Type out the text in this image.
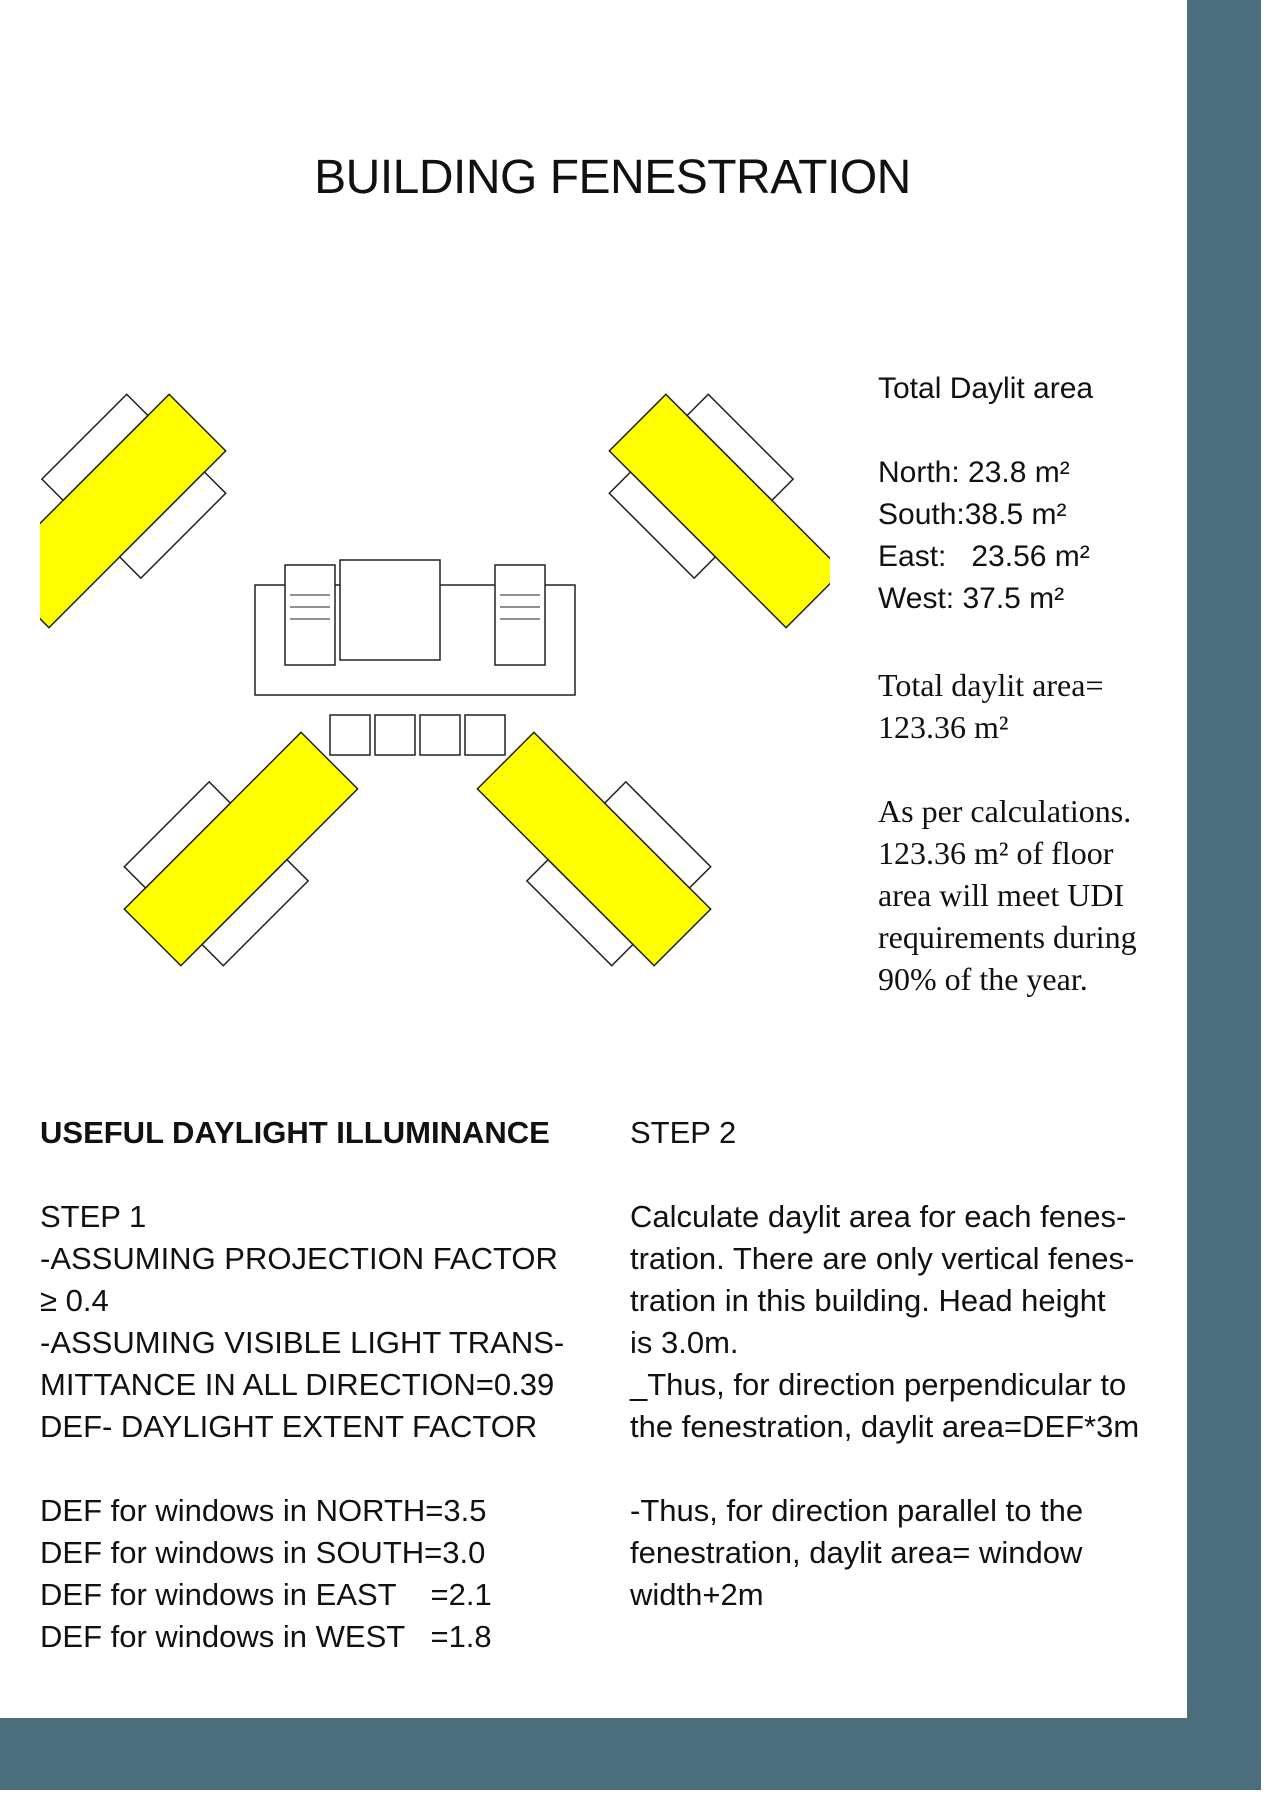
BUILDING FENESTRATION
Total Daylit area
North: 23.8 m²
South:38.5 m²
East:   23.56 m²
West: 37.5 m²
Total daylit area=
123.36 m²
As per calculations.
123.36 m² of floor
area will meet UDI
requirements during
90% of the year.

USEFUL DAYLIGHT ILLUMINANCE

STEP 1

-ASSUMING PROJECTION FACTOR

≥ 0.4

-ASSUMING VISIBLE LIGHT TRANS-

MITTANCE IN ALL DIRECTION=0.39

DEF- DAYLIGHT EXTENT FACTOR

DEF for windows in NORTH=3.5

DEF for windows in SOUTH=3.0

DEF for windows in EAST    =2.1

DEF for windows in WEST   =1.8

STEP 2

Calculate daylit area for each fenes-

tration. There are only vertical fenes-

tration in this building. Head height

is 3.0m.

_Thus, for direction perpendicular to

the fenestration, daylit area=DEF*3m

-Thus, for direction parallel to the

fenestration, daylit area= window

width+2m
